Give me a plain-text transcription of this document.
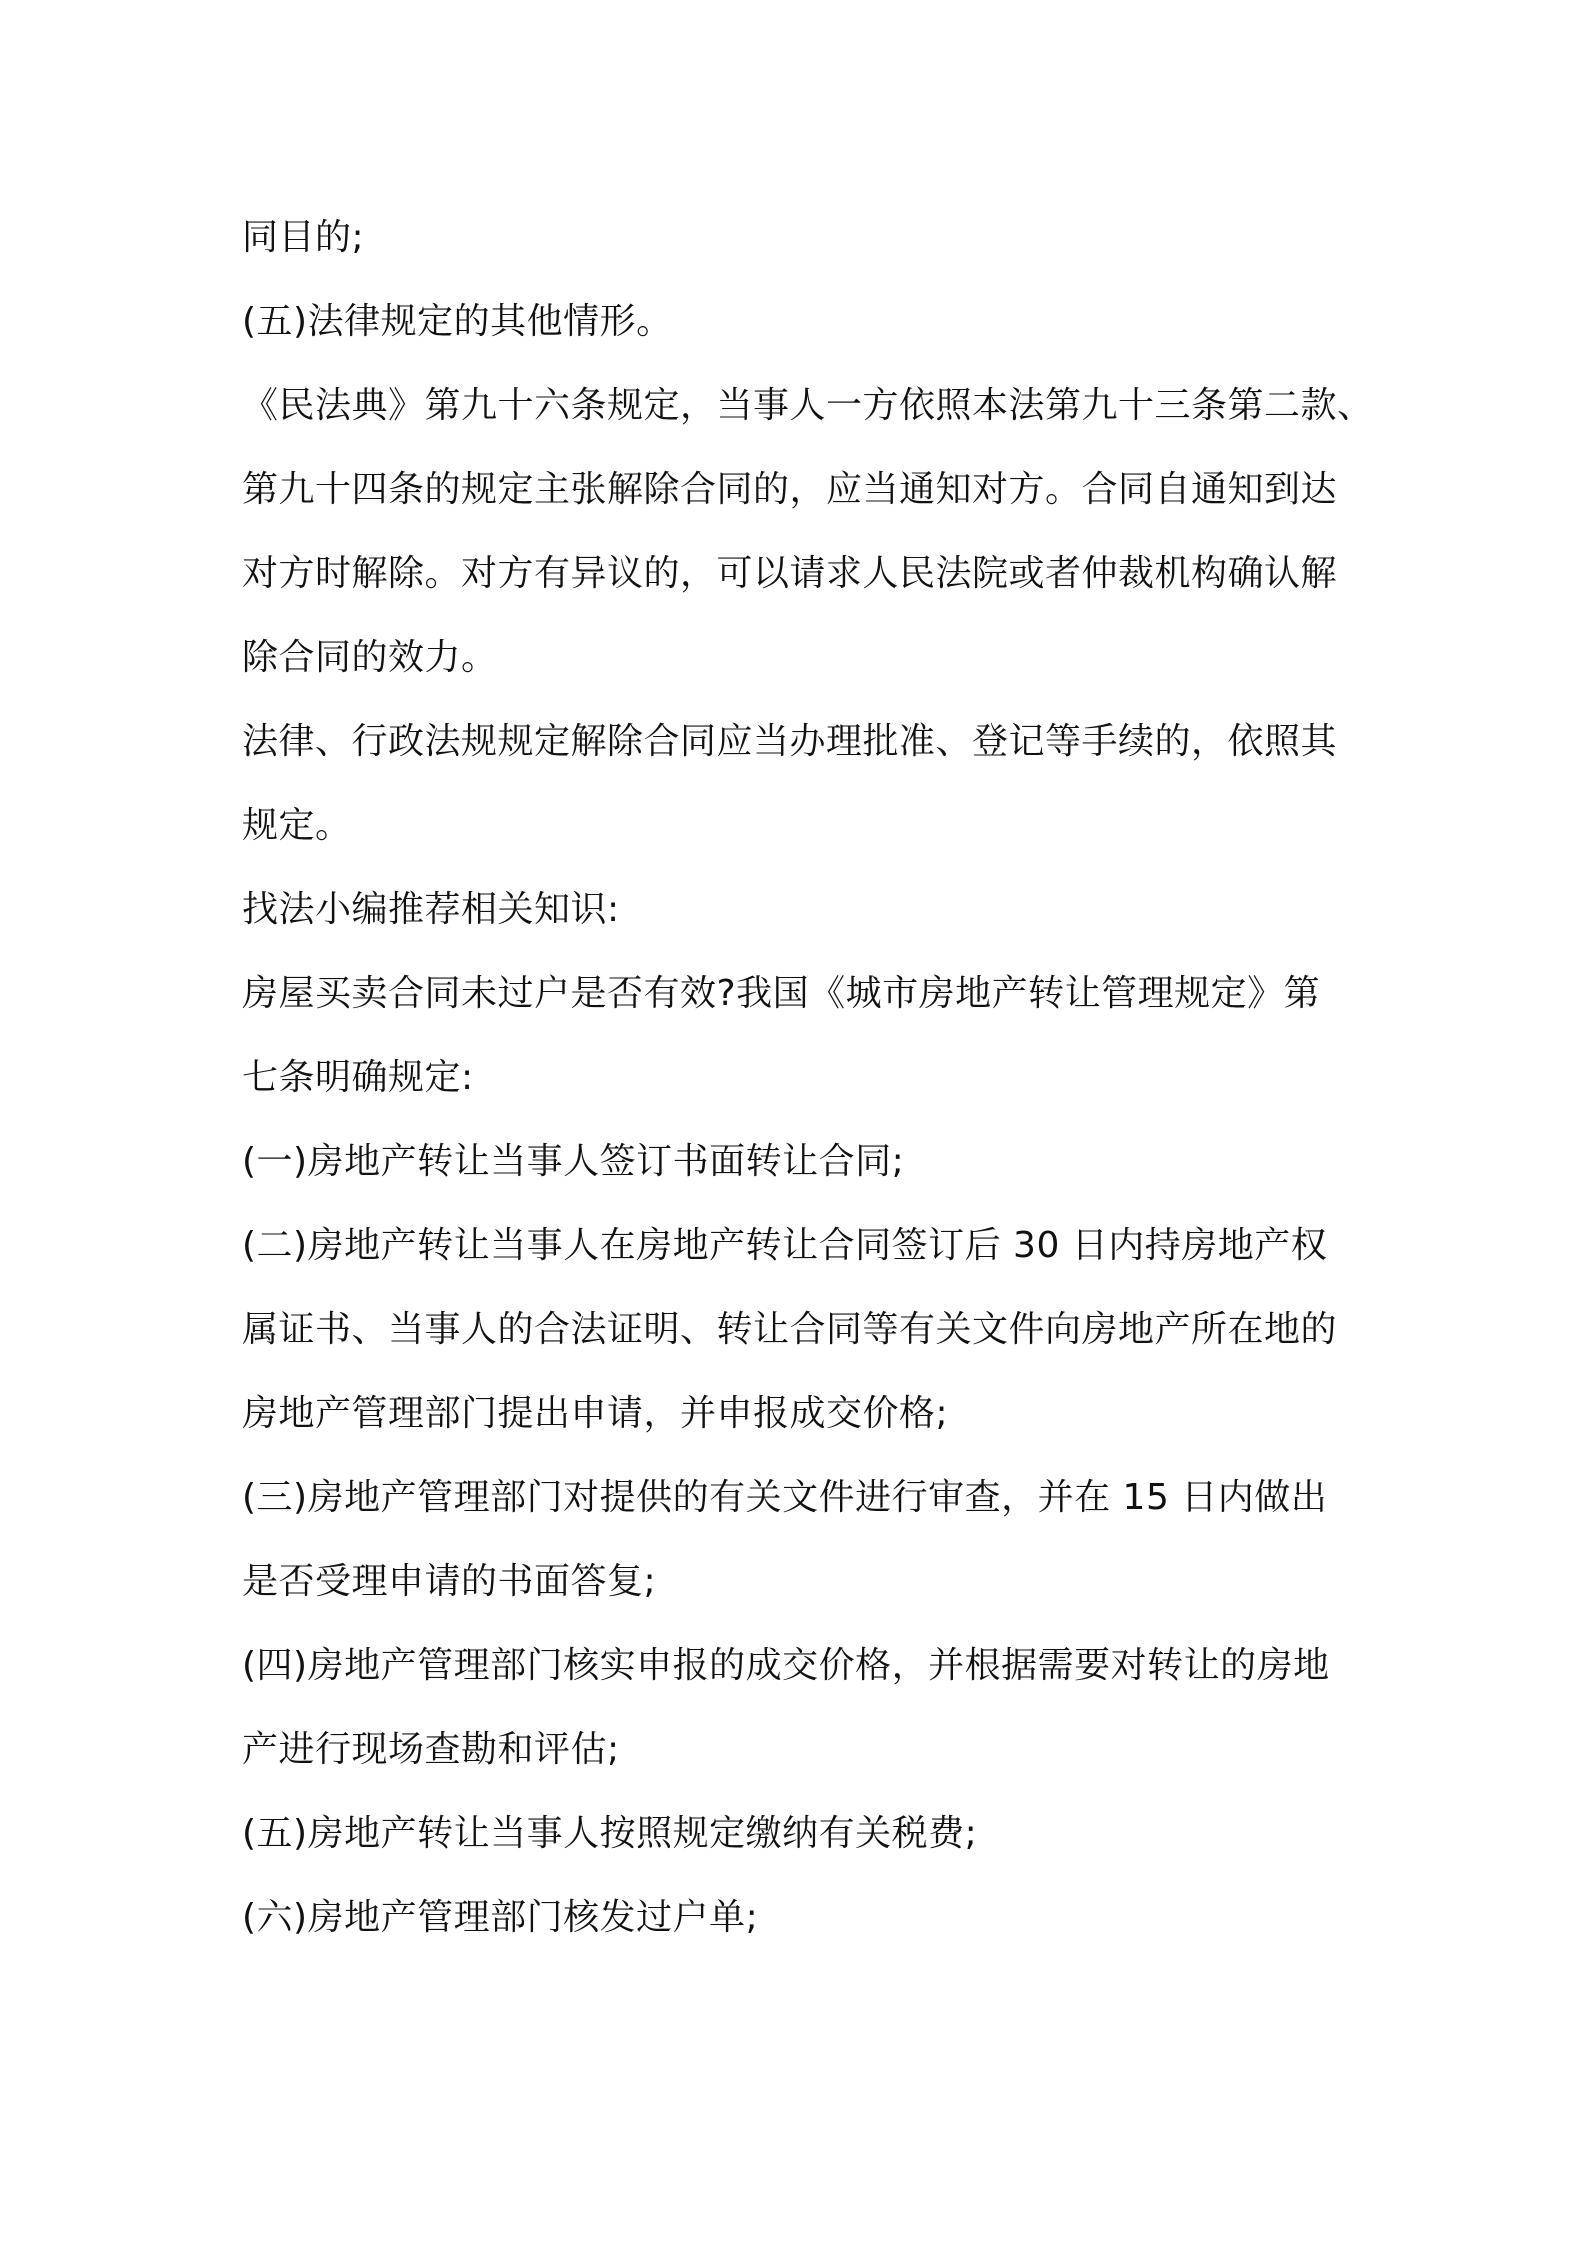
同目的;
(五)法律规定的其他情形。
《民法典》第九十六条规定，当事人一方依照本法第九十三条第二款、
第九十四条的规定主张解除合同的，应当通知对方。合同自通知到达
对方时解除。对方有异议的，可以请求人民法院或者仲裁机构确认解
除合同的效力。
法律、行政法规规定解除合同应当办理批准、登记等手续的，依照其
规定。
找法小编推荐相关知识:
房屋买卖合同未过户是否有效?我国《城市房地产转让管理规定》第
七条明确规定:
(一)房地产转让当事人签订书面转让合同;
(二)房地产转让当事人在房地产转让合同签订后 30 日内持房地产权
属证书、当事人的合法证明、转让合同等有关文件向房地产所在地的
房地产管理部门提出申请，并申报成交价格;
(三)房地产管理部门对提供的有关文件进行审查，并在 15 日内做出
是否受理申请的书面答复;
(四)房地产管理部门核实申报的成交价格，并根据需要对转让的房地
产进行现场查勘和评估;
(五)房地产转让当事人按照规定缴纳有关税费;
(六)房地产管理部门核发过户单;
